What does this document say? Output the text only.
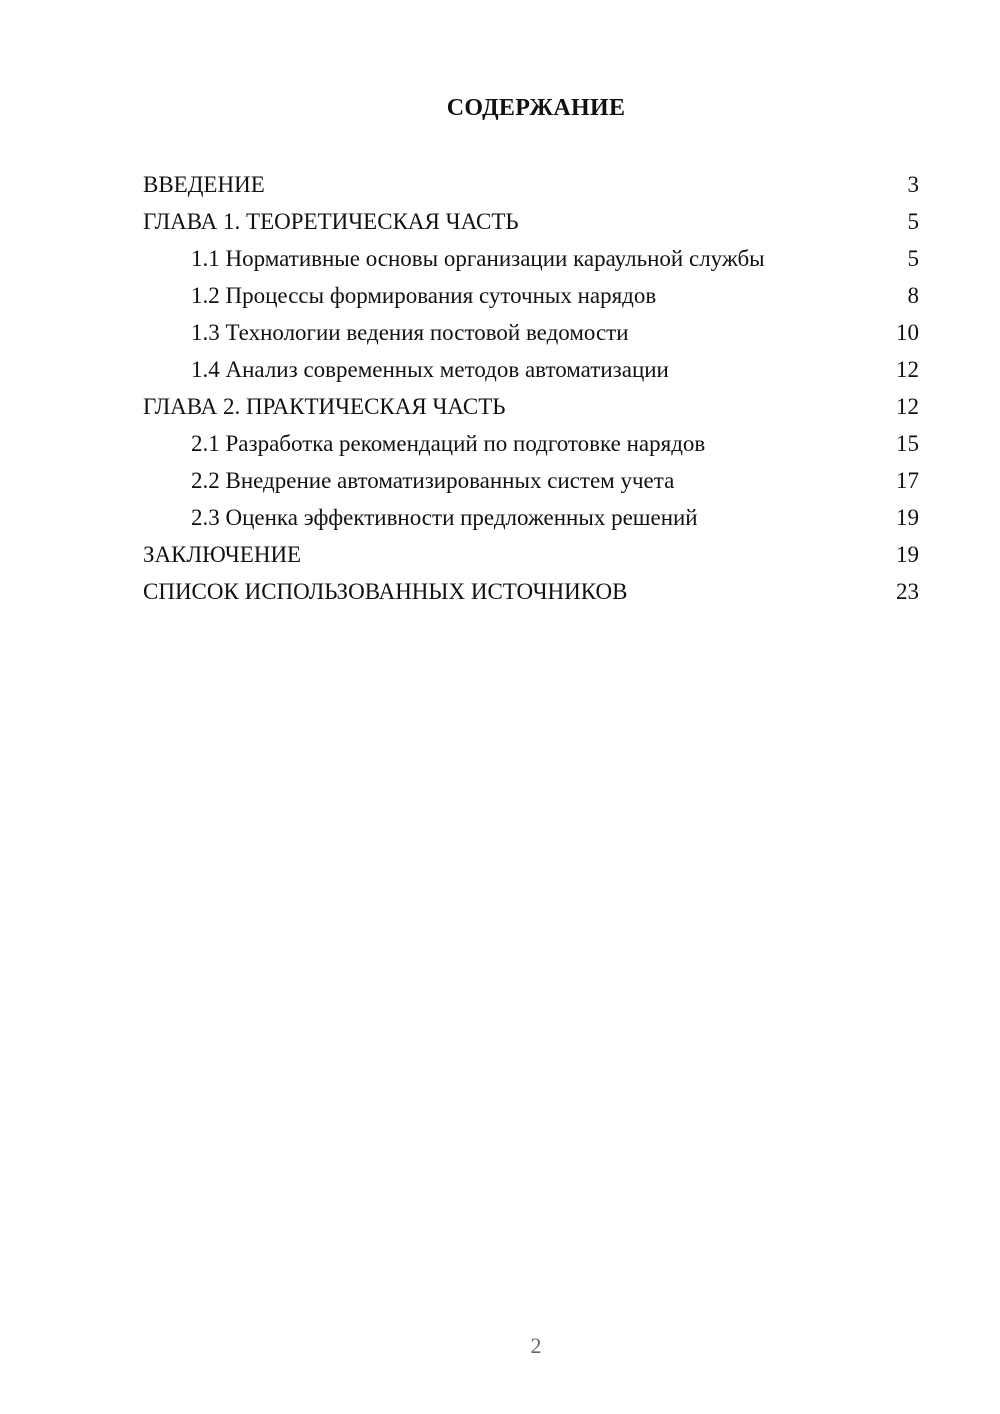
СОДЕРЖАНИЕ
ВВЕДЕНИЕ	3
ГЛАВА 1. ТЕОРЕТИЧЕСКАЯ ЧАСТЬ	5
1.1 Нормативные основы организации караульной службы	5
1.2 Процессы формирования суточных нарядов	8
1.3 Технологии ведения постовой ведомости	10
1.4 Анализ современных методов автоматизации	12
ГЛАВА 2. ПРАКТИЧЕСКАЯ ЧАСТЬ	12
2.1 Разработка рекомендаций по подготовке нарядов	15
2.2 Внедрение автоматизированных систем учета	17
2.3 Оценка эффективности предложенных решений	19
ЗАКЛЮЧЕНИЕ	19
СПИСОК ИСПОЛЬЗОВАННЫХ ИСТОЧНИКОВ	23
2
